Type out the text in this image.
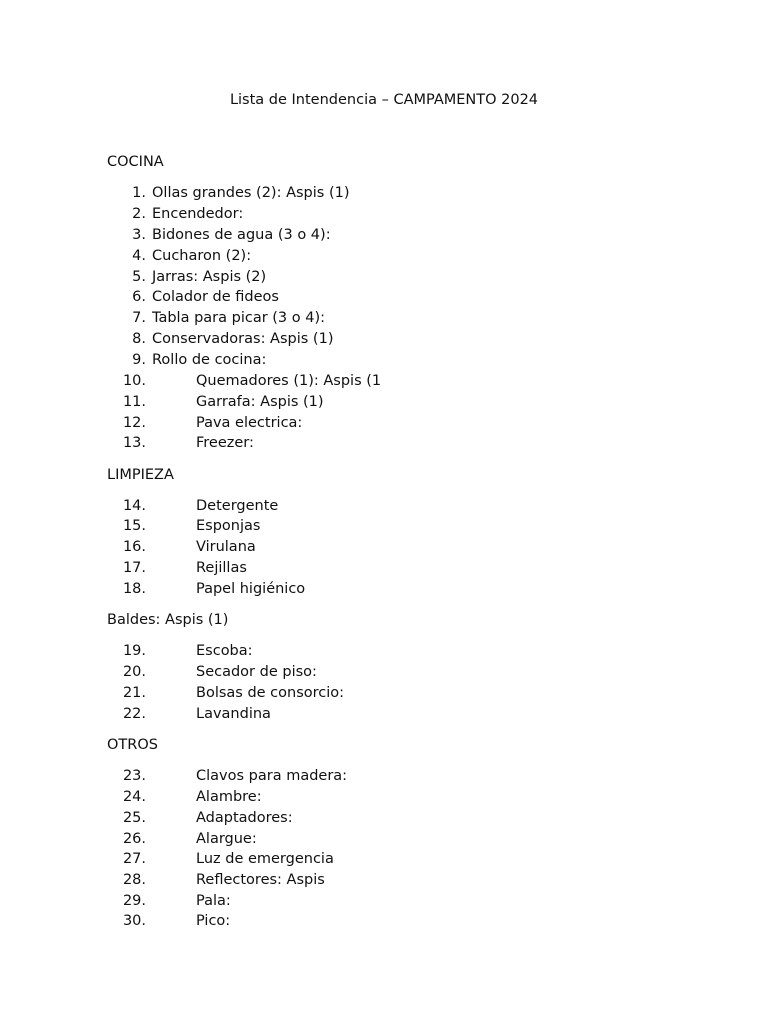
Lista de Intendencia – CAMPAMENTO 2024
COCINA
1. Ollas grandes (2): Aspis (1)
2. Encendedor:
3. Bidones de agua (3 o 4):
4. Cucharon (2):
5. Jarras: Aspis (2)
6. Colador de fideos
7. Tabla para picar (3 o 4):
8. Conservadoras: Aspis (1)
9. Rollo de cocina:
10.	Quemadores (1): Aspis (1
11.	Garrafa: Aspis (1)
12.	Pava electrica:
13.	Freezer:
LIMPIEZA
14.	Detergente
15.	Esponjas
16.	Virulana
17.	Rejillas
18.	Papel higiénico
Baldes: Aspis (1)
19.	Escoba:
20.	Secador de piso:
21.	Bolsas de consorcio:
22.	Lavandina
OTROS
23.	Clavos para madera:
24.	Alambre:
25.	Adaptadores:
26.	Alargue:
27.	Luz de emergencia
28.	Reflectores: Aspis
29.	Pala:
30.	Pico:
